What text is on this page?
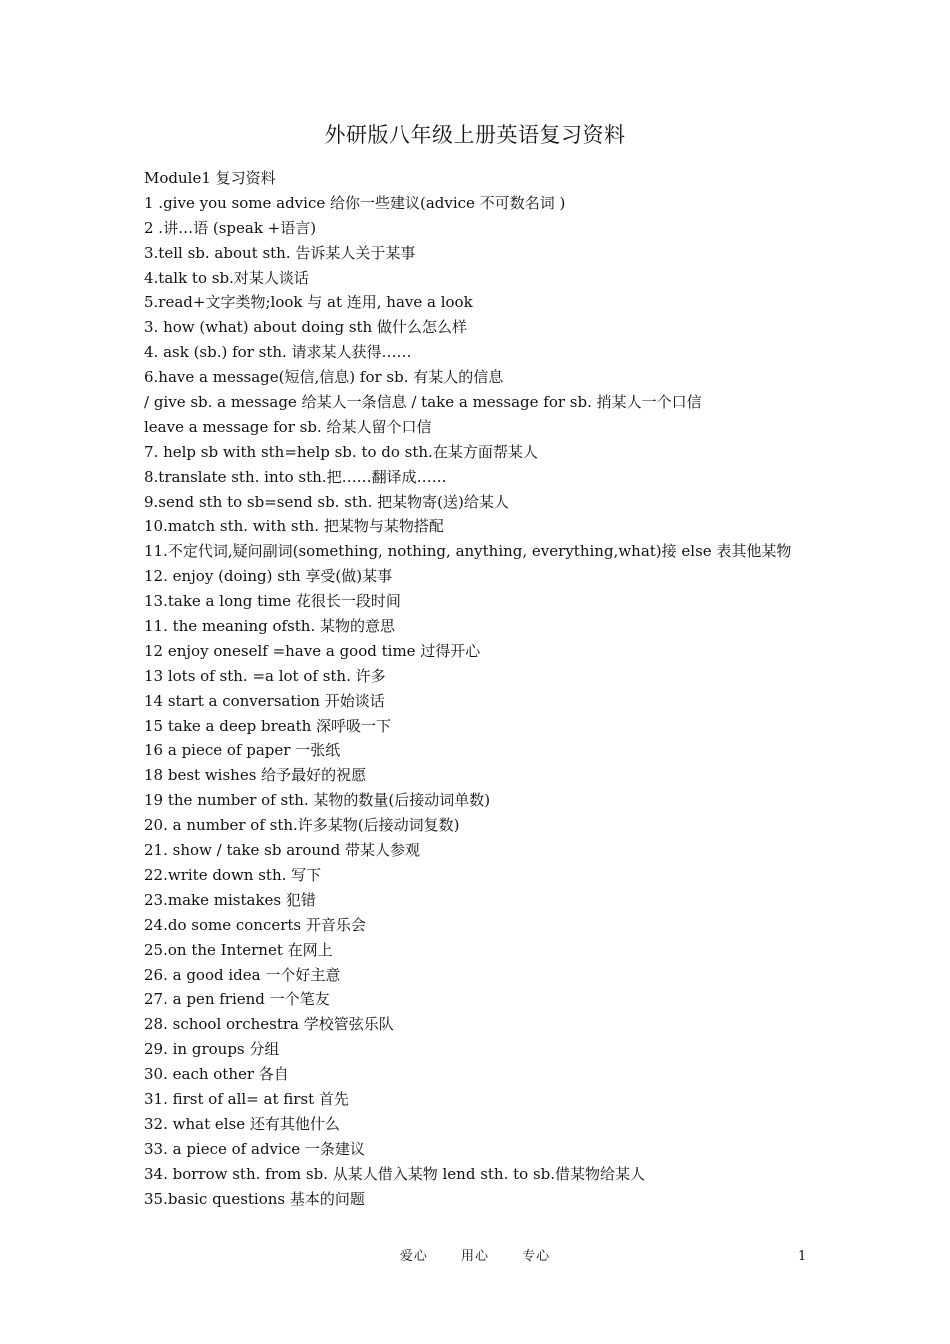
外研版八年级上册英语复习资料
Module1 复习资料
1 .give you some advice 给你一些建议(advice 不可数名词 )
2 .讲…语 (speak +语言)
3.tell sb. about sth. 告诉某人关于某事
4.talk to sb.对某人谈话
5.read+文字类物;look 与 at 连用, have a look
3. how (what) about doing sth 做什么怎么样
4. ask (sb.) for sth. 请求某人获得……
6.have a message(短信,信息) for sb. 有某人的信息
/ give sb. a message 给某人一条信息 / take a message for sb. 捎某人一个口信
leave a message for sb. 给某人留个口信
7. help sb with sth=help sb. to do sth.在某方面帮某人
8.translate sth. into sth.把……翻译成……
9.send sth to sb=send sb. sth. 把某物寄(送)给某人
10.match sth. with sth. 把某物与某物搭配
11.不定代词,疑问副词(something, nothing, anything, everything,what)接 else 表其他某物
12. enjoy (doing) sth 享受(做)某事
13.take a long time 花很长一段时间
11. the meaning ofsth. 某物的意思
12 enjoy oneself =have a good time 过得开心
13 lots of sth. =a lot of sth. 许多
14 start a conversation 开始谈话
15 take a deep breath 深呼吸一下
16 a piece of paper 一张纸
18 best wishes 给予最好的祝愿
19 the number of sth. 某物的数量(后接动词单数)
20. a number of sth.许多某物(后接动词复数)
21. show / take sb around 带某人参观
22.write down sth. 写下
23.make mistakes 犯错
24.do some concerts 开音乐会
25.on the Internet 在网上
26. a good idea 一个好主意
27. a pen friend 一个笔友
28. school orchestra 学校管弦乐队
29. in groups 分组
30. each other 各自
31. first of all= at first 首先
32. what else 还有其他什么
33. a piece of advice 一条建议
34. borrow sth. from sb. 从某人借入某物 lend sth. to sb.借某物给某人
35.basic questions 基本的问题
爱心	用心	专心	1
